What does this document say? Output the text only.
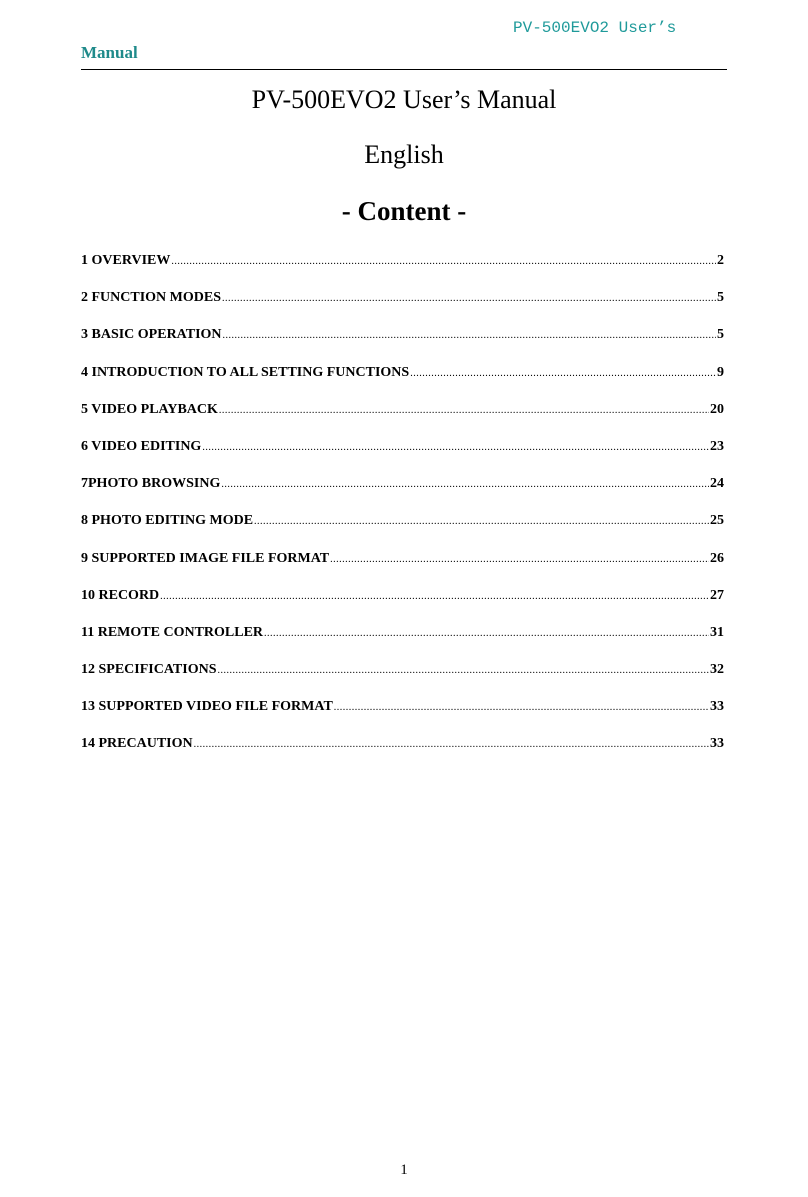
PV-500EVO2 User’s
Manual
PV-500EVO2 User’s Manual
English
- Content -
1 OVERVIEW .....	2
2 FUNCTION MODES .....	5
3 BASIC OPERATION .....	5
4 INTRODUCTION TO ALL SETTING FUNCTIONS .....	9
5 VIDEO PLAYBACK .....	20
6 VIDEO EDITING .....	23
7PHOTO BROWSING .....	24
8 PHOTO EDITING MODE .....	25
9 SUPPORTED IMAGE FILE FORMAT .....	26
10 RECORD .....	27
11 REMOTE CONTROLLER .....	31
12 SPECIFICATIONS .....	32
13 SUPPORTED VIDEO FILE FORMAT .....	33
14 PRECAUTION .....	33
1
